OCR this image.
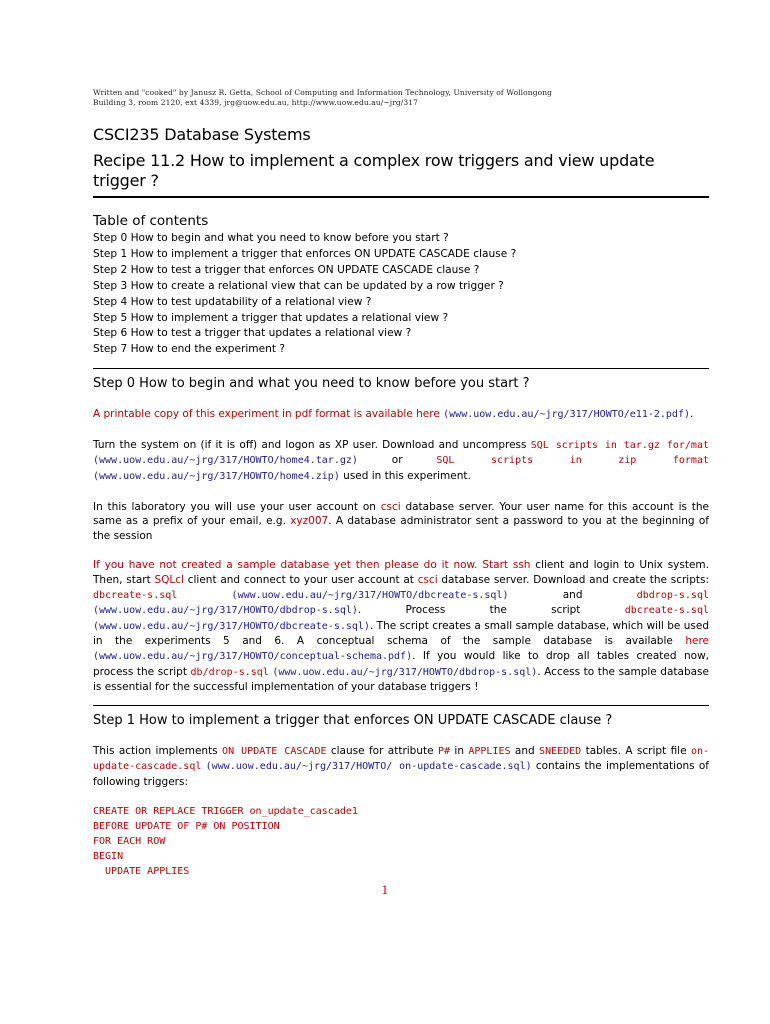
Written and "cooked" by Janusz R. Getta, School of Computing and Information Technology, University of Wollongong
Building 3, room 2120, ext 4339, jrg@uow.edu.au, http://www.uow.edu.au/~jrg/317
CSCI235 Database Systems
Recipe 11.2 How to implement a complex row triggers and view update trigger ?
Table of contents
Step 0 How to begin and what you need to know before you start ?
Step 1 How to implement a trigger that enforces ON UPDATE CASCADE clause ?
Step 2 How to test a trigger that enforces ON UPDATE CASCADE clause ?
Step 3 How to create a relational view that can be updated by a row trigger ?
Step 4 How to test updatability of a relational view ?
Step 5 How to implement a trigger that updates a relational view ?
Step 6 How to test a trigger that updates a relational view ?
Step 7 How to end the experiment ?
Step 0 How to begin and what you need to know before you start ?
A printable copy of this experiment in pdf format is available here (www.uow.edu.au/~jrg/317/HOWTO/e11-2.pdf).
Turn the system on (if it is off) and logon as XP user. Download and uncompress SQL scripts in tar.gz for/mat (www.uow.edu.au/~jrg/317/HOWTO/home4.tar.gz) or SQL scripts in zip format (www.uow.edu.au/~jrg/317/HOWTO/home4.zip) used in this experiment.
In this laboratory you will use your user account on csci database server. Your user name for this account is the same as a prefix of your email, e.g. xyz007. A database administrator sent a password to you at the beginning of the session
If you have not created a sample database yet then please do it now. Start ssh client and login to Unix system. Then, start SQLcl client and connect to your user account at csci database server. Download and create the scripts: dbcreate-s.sql	(www.uow.edu.au/~jrg/317/HOWTO/dbcreate-s.sql) and dbdrop-s.sql (www.uow.edu.au/~jrg/317/HOWTO/dbdrop-s.sql). Process the script dbcreate-s.sql (www.uow.edu.au/~jrg/317/HOWTO/dbcreate-s.sql). The script creates a small sample database, which will be used in the experiments 5 and 6. A conceptual schema of the sample database is available here (www.uow.edu.au/~jrg/317/HOWTO/conceptual-schema.pdf). If you would like to drop all tables created now, process the script db/drop-s.sql (www.uow.edu.au/~jrg/317/HOWTO/dbdrop-s.sql). Access to the sample database is essential for the successful implementation of your database triggers !
Step 1 How to implement a trigger that enforces ON UPDATE CASCADE clause ?
This action implements ON UPDATE CASCADE clause for attribute P# in APPLIES and SNEEDED tables. A script file on-update-cascade.sql (www.uow.edu.au/~jrg/317/HOWTO/ on-update-cascade.sql) contains the implementations of following triggers:
CREATE OR REPLACE TRIGGER on_update_cascade1
BEFORE UPDATE OF P# ON POSITION
FOR EACH ROW
BEGIN
UPDATE APPLIES
1
